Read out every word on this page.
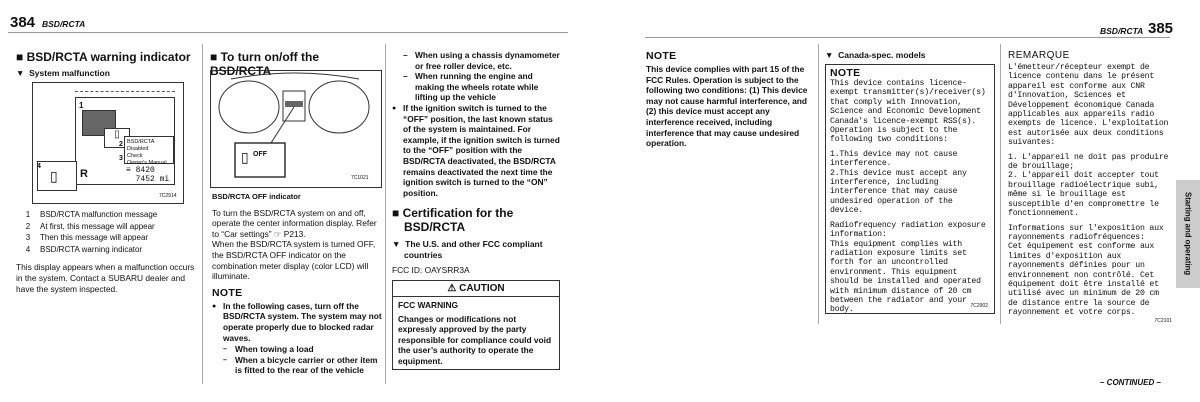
384 BSD/RCTA
BSD/RCTA 385
■ BSD/RCTA warning indicator
▼  System malfunction
▯
BSD/RCTA Disabled
Check
Owner's Manual
≡ 8420
7452 mi
R
▯
1
2
3
4
7C2914
1	BSD/RCTA malfunction message
2	At first, this message will appear
3	Then this message will appear
4	BSD/RCTA warning indicator
This display appears when a malfunction occurs in the system. Contact a SUBARU dealer and have the system inspected.
■ To turn on/off the BSD/RCTA
▯ OFF
7C1021
BSD/RCTA OFF indicator
To turn the BSD/RCTA system on and off, operate the center information display. Refer to “Car settings” ☞ P213.
When the BSD/RCTA system is turned OFF, the BSD/RCTA OFF indicator on the combination meter display (color LCD) will illuminate.
NOTE
● In the following cases, turn off the BSD/RCTA system. The system may not operate properly due to blocked radar waves.
– When towing a load
– When a bicycle carrier or other item is fitted to the rear of the vehicle
– When using a chassis dynamometer or free roller device, etc.
– When running the engine and making the wheels rotate while lifting up the vehicle
● If the ignition switch is turned to the “OFF” position, the last known status of the system is maintained. For example, if the ignition switch is turned to the “OFF” position with the BSD/RCTA deactivated, the BSD/RCTA remains deactivated the next time the ignition switch is turned to the “ON” position.
■ Certification for the BSD/RCTA
▼  The U.S. and other FCC compliant countries
FCC ID: OAYSRR3A
⚠ CAUTION
FCC WARNING
Changes or modifications not expressly approved by the party responsible for compliance could void the user’s authority to operate the equipment.
NOTE
This device complies with part 15 of the FCC Rules. Operation is subject to the following two conditions: (1) This device may not cause harmful interference, and (2) this device must accept any interference received, including interference that may cause undesired operation.
▼  Canada-spec. models
NOTE
This device contains licence-exempt transmitter(s)/receiver(s) that comply with Innovation, Science and Economic Development Canada's licence-exempt RSS(s). Operation is subject to the following two conditions:
1.This device may not cause interference.
2.This device must accept any interference, including interference that may cause undesired operation of the device.
Radiofrequency radiation exposure information:
This equipment complies with radiation exposure limits set forth for an uncontrolled environment. This equipment should be installed and operated with minimum distance of 20 cm between the radiator and your body.	7C2902
REMARQUE
L'émetteur/récepteur exempt de licence contenu dans le présent appareil est conforme aux CNR d'Innovation, Sciences et Développement économique Canada applicables aux appareils radio exempts de licence. L'exploitation est autorisée aux deux conditions suivantes:
1. L'appareil ne doit pas produire de brouillage;
2. L'appareil doit accepter tout brouillage radioélectrique subi, même si le brouillage est susceptible d'en compromettre le fonctionnement.
Informations sur l'exposition aux rayonnements radiofréquences:
Cet équipement est conforme aux limites d'exposition aux rayonnements définies pour un environnement non contrôlé. Cet équipement doit être installé et utilisé avec un minimum de 20 cm de distance entre la source de rayonnement et votre corps.
7C2101
Starting and operating
– CONTINUED –
